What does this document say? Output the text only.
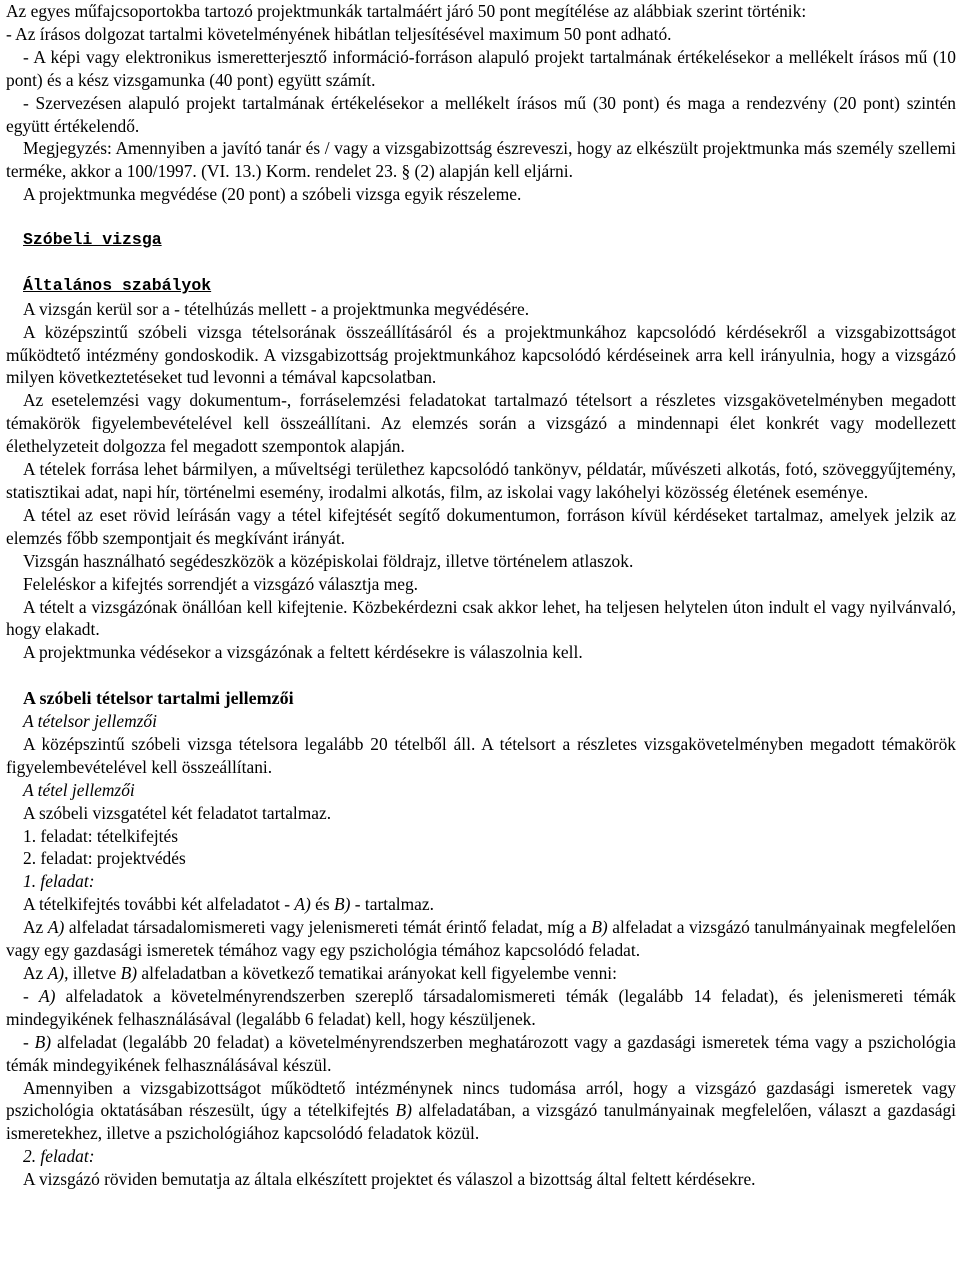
Az egyes műfajcsoportokba tartozó projektmunkák tartalmáért járó 50 pont megítélése az alábbiak szerint történik:

- Az írásos dolgozat tartalmi követelményének hibátlan teljesítésével maximum 50 pont adható.

- A képi vagy elektronikus ismeretterjesztő információ-forráson alapuló projekt tartalmának értékelésekor a mellékelt írásos mű (10 pont) és a kész vizsgamunka (40 pont) együtt számít.

- Szervezésen alapuló projekt tartalmának értékelésekor a mellékelt írásos mű (30 pont) és maga a rendezvény (20 pont) szintén együtt értékelendő.

Megjegyzés: Amennyiben a javító tanár és / vagy a vizsgabizottság észreveszi, hogy az elkészült projektmunka más személy szellemi terméke, akkor a 100/1997. (VI. 13.) Korm. rendelet 23. § (2) alapján kell eljárni.

A projektmunka megvédése (20 pont) a szóbeli vizsga egyik részeleme.

Szóbeli vizsga

Általános szabályok

A vizsgán kerül sor a - tételhúzás mellett - a projektmunka megvédésére.

A középszintű szóbeli vizsga tételsorának összeállításáról és a projektmunkához kapcsolódó kérdésekről a vizsgabizottságot működtető intézmény gondoskodik. A vizsgabizottság projektmunkához kapcsolódó kérdéseinek arra kell irányulnia, hogy a vizsgázó milyen következtetéseket tud levonni a témával kapcsolatban.

Az esetelemzési vagy dokumentum-, forráselemzési feladatokat tartalmazó tételsort a részletes vizsgakövetelményben megadott témakörök figyelembevételével kell összeállítani. Az elemzés során a vizsgázó a mindennapi élet konkrét vagy modellezett élethelyzeteit dolgozza fel megadott szempontok alapján.

A tételek forrása lehet bármilyen, a műveltségi területhez kapcsolódó tankönyv, példatár, művészeti alkotás, fotó, szöveggyűjtemény, statisztikai adat, napi hír, történelmi esemény, irodalmi alkotás, film, az iskolai vagy lakóhelyi közösség életének eseménye.

A tétel az eset rövid leírásán vagy a tétel kifejtését segítő dokumentumon, forráson kívül kérdéseket tartalmaz, amelyek jelzik az elemzés főbb szempontjait és megkívánt irányát.

Vizsgán használható segédeszközök a középiskolai földrajz, illetve történelem atlaszok.

Feleléskor a kifejtés sorrendjét a vizsgázó választja meg.

A tételt a vizsgázónak önállóan kell kifejtenie. Közbekérdezni csak akkor lehet, ha teljesen helytelen úton indult el vagy nyilvánvaló, hogy elakadt.

A projektmunka védésekor a vizsgázónak a feltett kérdésekre is válaszolnia kell.

A szóbeli tételsor tartalmi jellemzői

A tételsor jellemzői

A középszintű szóbeli vizsga tételsora legalább 20 tételből áll. A tételsort a részletes vizsgakövetelményben megadott témakörök figyelembevételével kell összeállítani.

A tétel jellemzői

A szóbeli vizsgatétel két feladatot tartalmaz.

1. feladat: tételkifejtés

2. feladat: projektvédés

1. feladat:

A tételkifejtés további két alfeladatot - A) és B) - tartalmaz.

Az A) alfeladat társadalomismereti vagy jelenismereti témát érintő feladat, míg a B) alfeladat a vizsgázó tanulmányainak megfelelően vagy egy gazdasági ismeretek témához vagy egy pszichológia témához kapcsolódó feladat.

Az A), illetve B) alfeladatban a következő tematikai arányokat kell figyelembe venni:

- A) alfeladatok a követelményrendszerben szereplő társadalomismereti témák (legalább 14 feladat), és jelenismereti témák mindegyikének felhasználásával (legalább 6 feladat) kell, hogy készüljenek.

- B) alfeladat (legalább 20 feladat) a követelményrendszerben meghatározott vagy a gazdasági ismeretek téma vagy a pszichológia témák mindegyikének felhasználásával készül.

Amennyiben a vizsgabizottságot működtető intézménynek nincs tudomása arról, hogy a vizsgázó gazdasági ismeretek vagy pszichológia oktatásában részesült, úgy a tételkifejtés B) alfeladatában, a vizsgázó tanulmányainak megfelelően, választ a gazdasági ismeretekhez, illetve a pszichológiához kapcsolódó feladatok közül.

2. feladat:

A vizsgázó röviden bemutatja az általa elkészített projektet és válaszol a bizottság által feltett kérdésekre.
